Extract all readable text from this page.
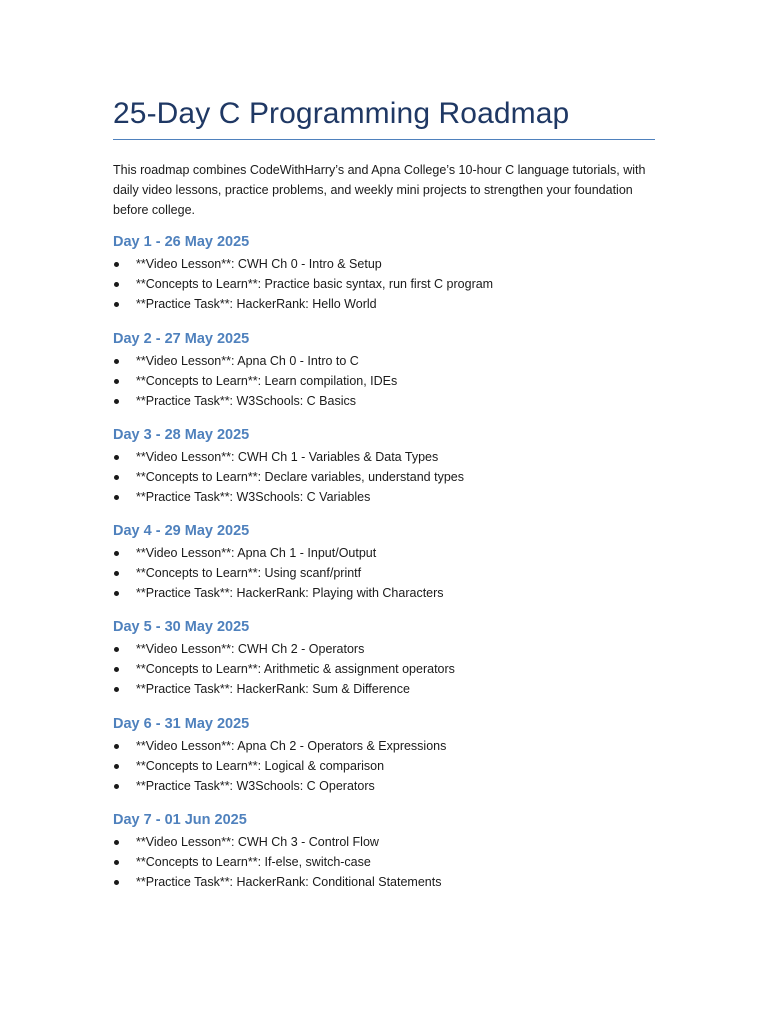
25-Day C Programming Roadmap

This roadmap combines CodeWithHarry’s and Apna College’s 10-hour C language tutorials, with daily video lessons, practice problems, and weekly mini projects to strengthen your foundation before college.

Day 1 - 26 May 2025
**Video Lesson**: CWH Ch 0 - Intro & Setup
**Concepts to Learn**: Practice basic syntax, run first C program
**Practice Task**: HackerRank: Hello World
Day 2 - 27 May 2025
**Video Lesson**: Apna Ch 0 - Intro to C
**Concepts to Learn**: Learn compilation, IDEs
**Practice Task**: W3Schools: C Basics
Day 3 - 28 May 2025
**Video Lesson**: CWH Ch 1 - Variables & Data Types
**Concepts to Learn**: Declare variables, understand types
**Practice Task**: W3Schools: C Variables
Day 4 - 29 May 2025
**Video Lesson**: Apna Ch 1 - Input/Output
**Concepts to Learn**: Using scanf/printf
**Practice Task**: HackerRank: Playing with Characters
Day 5 - 30 May 2025
**Video Lesson**: CWH Ch 2 - Operators
**Concepts to Learn**: Arithmetic & assignment operators
**Practice Task**: HackerRank: Sum & Difference
Day 6 - 31 May 2025
**Video Lesson**: Apna Ch 2 - Operators & Expressions
**Concepts to Learn**: Logical & comparison
**Practice Task**: W3Schools: C Operators
Day 7 - 01 Jun 2025
**Video Lesson**: CWH Ch 3 - Control Flow
**Concepts to Learn**: If-else, switch-case
**Practice Task**: HackerRank: Conditional Statements
